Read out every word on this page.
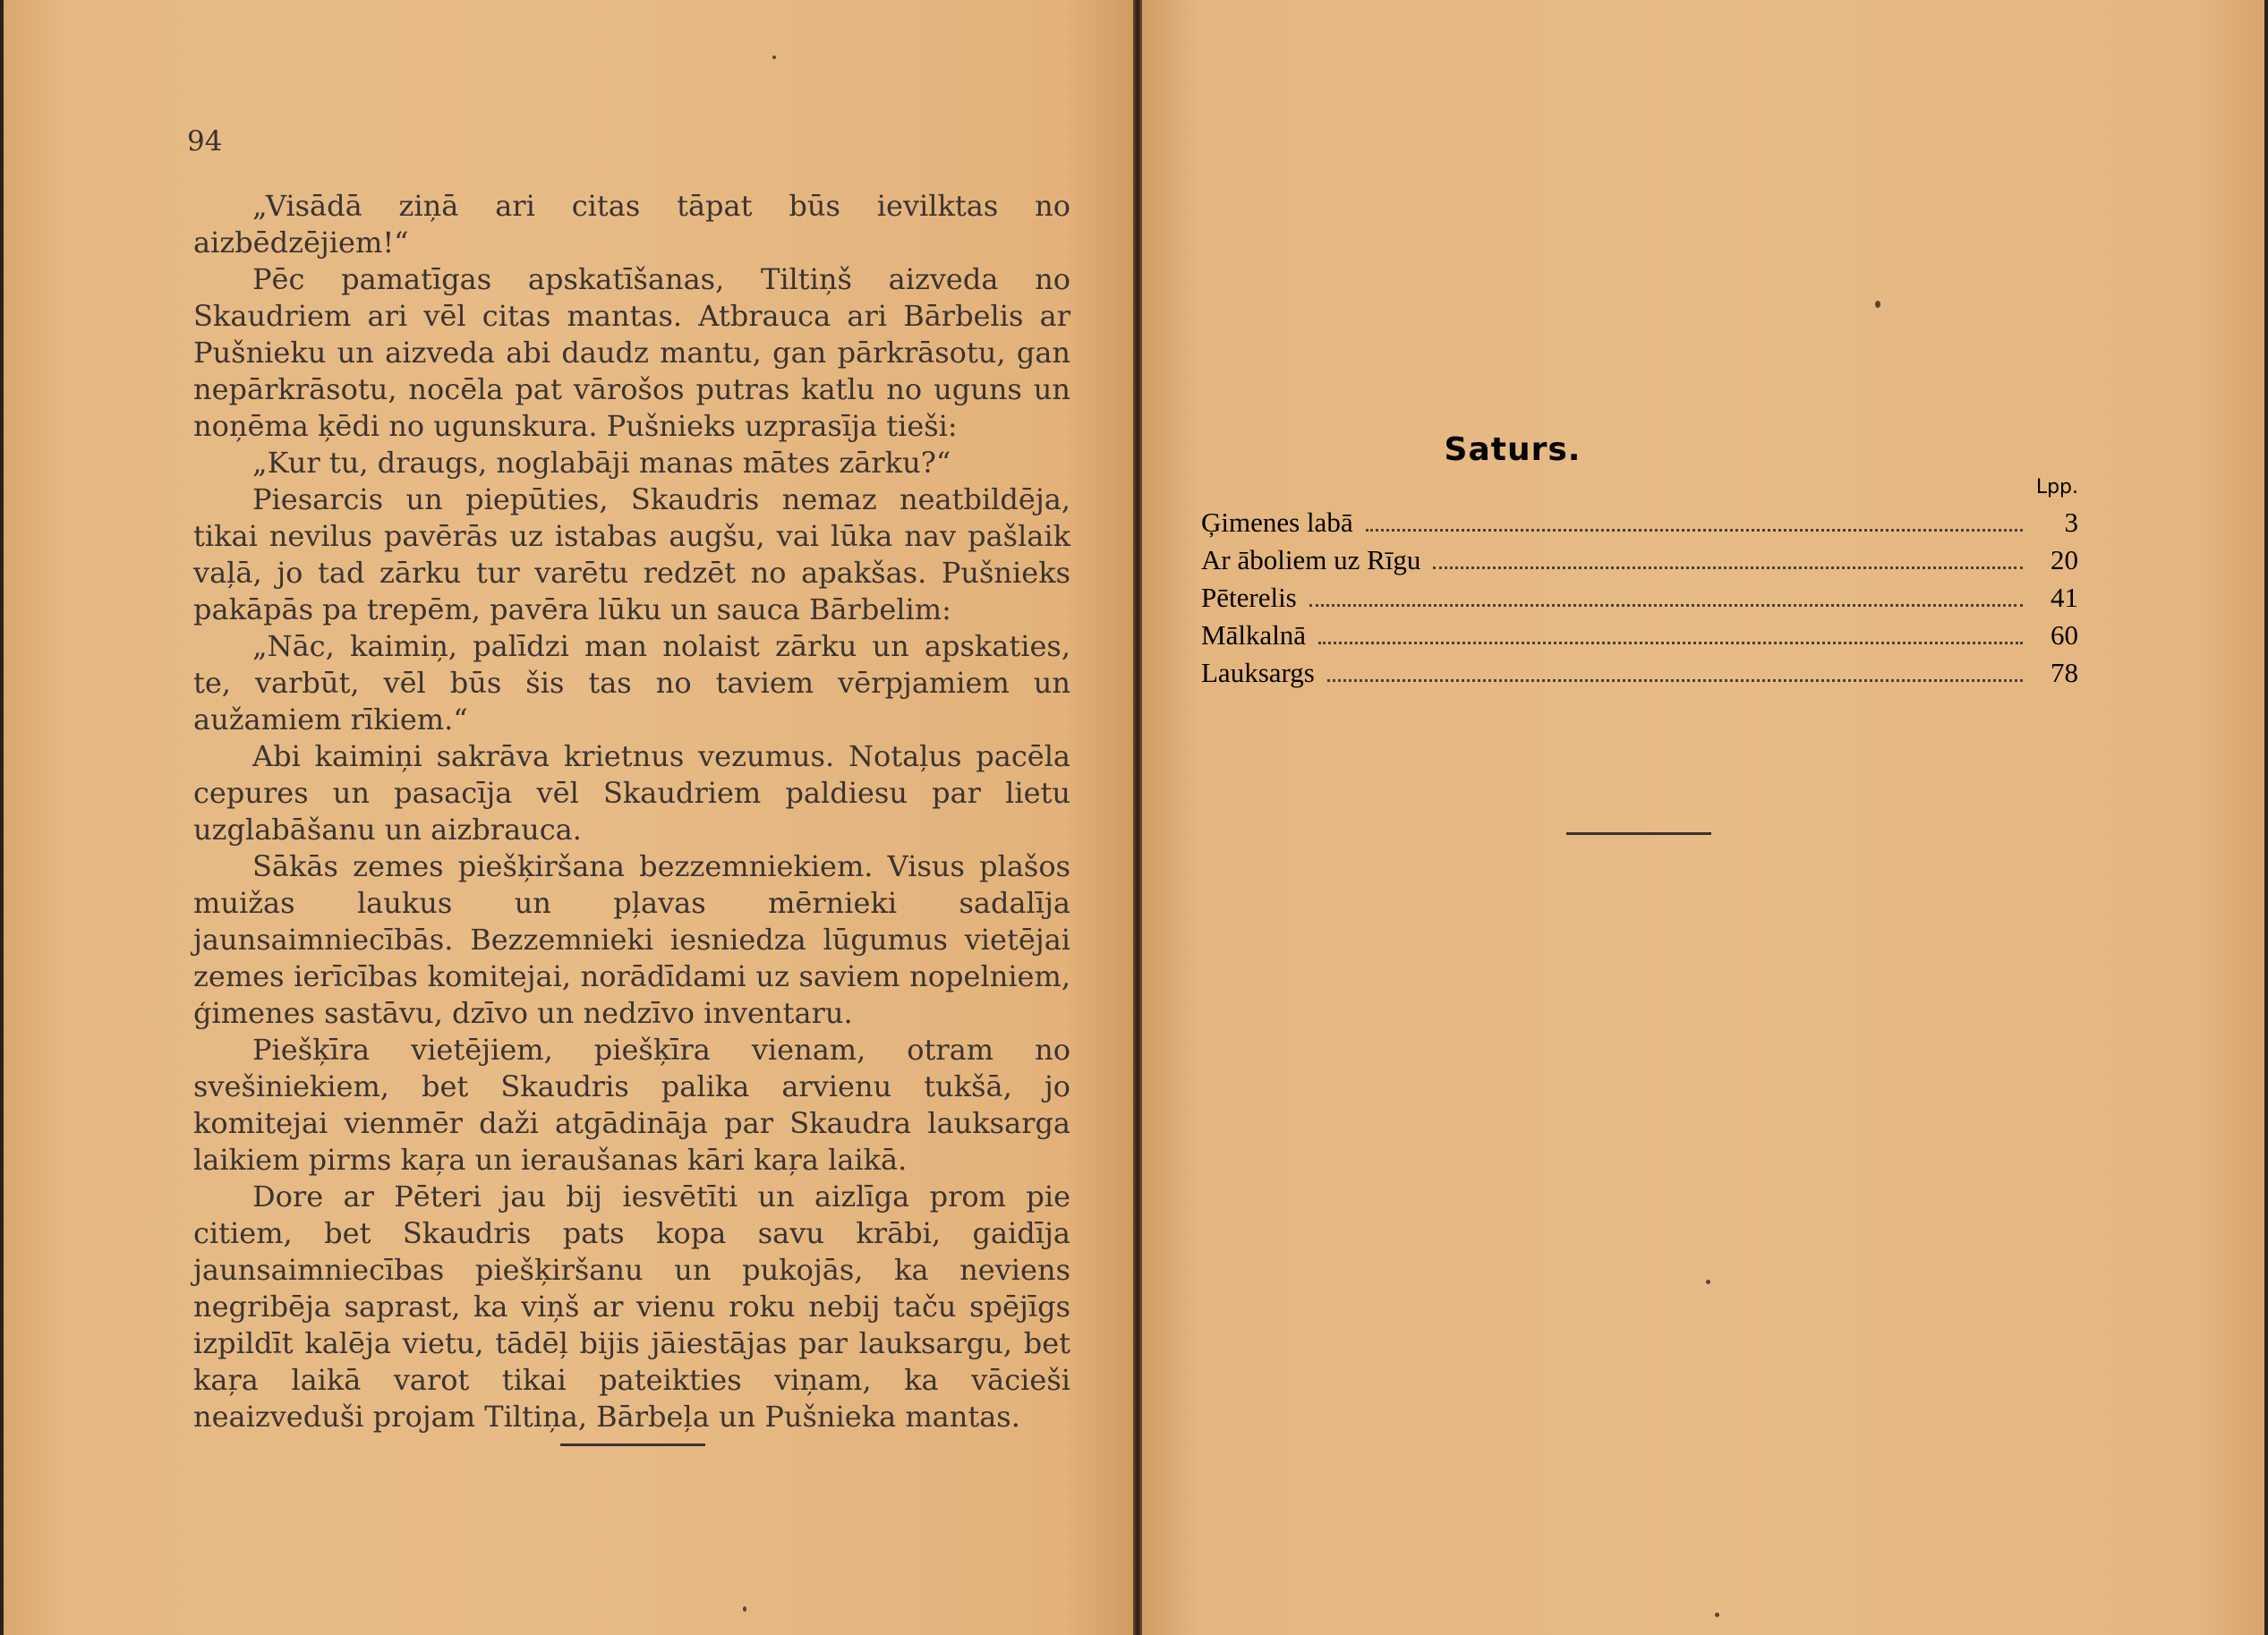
94

„Visādā ziņā ari citas tāpat būs ievilktas no aizbēdzējiem!“

Pēc pamatīgas apskatīšanas, Tiltiņš aizveda no Skaudriem ari vēl citas mantas. Atbrauca ari Bārbelis ar Pušnieku un aizveda abi daudz mantu, gan pārkrāsotu, gan nepārkrāsotu, nocēla pat vārošos putras katlu no uguns un noņēma ķēdi no ugunskura. Pušnieks uzprasīja tieši:

„Kur tu, draugs, noglabāji manas mātes zārku?“

Piesarcis un piepūties, Skaudris nemaz neatbildēja, tikai nevilus pavērās uz istabas augšu, vai lūka nav pašlaik vaļā, jo tad zārku tur varētu redzēt no apakšas. Pušnieks pakāpās pa trepēm, pavēra lūku un sauca Bārbelim:

„Nāc, kaimiņ, palīdzi man nolaist zārku un apskaties, te, varbūt, vēl būs šis tas no taviem vērpjamiem un aužamiem rīkiem.“

Abi kaimiņi sakrāva krietnus vezumus. Notaļus pacēla cepures un pasacīja vēl Skaudriem paldiesu par lietu uzglabāšanu un aizbrauca.

Sākās zemes piešķiršana bezzemniekiem. Visus plašos muižas laukus un pļavas mērnieki sadalīja jaunsaimniecībās. Bezzemnieki iesniedza lūgumus vietējai zemes ierīcības komitejai, norādīdami uz saviem nopelniem, ģimenes sastāvu, dzīvo un nedzīvo inventaru.

Piešķīra vietējiem, piešķīra vienam, otram no svešiniekiem, bet Skaudris palika arvienu tukšā, jo komitejai vienmēr daži atgādināja par Skaudra lauksarga laikiem pirms kaŗa un ieraušanas kāri kaŗa laikā.

Dore ar Pēteri jau bij iesvētīti un aizlīga prom pie citiem, bet Skaudris pats kopa savu krābi, gaidīja jaunsaimniecības piešķiršanu un pukojās, ka neviens negribēja saprast, ka viņš ar vienu roku nebij taču spējīgs izpildīt kalēja vietu, tādēļ bijis jāiestājas par lauksargu, bet kaŗa laikā varot tikai pateikties viņam, ka vācieši neaizveduši projam Tiltiņa, Bārbeļa un Pušnieka mantas.

Saturs.
Lpp.
Ģimenes labā	3
Ar āboliem uz Rīgu	20
Pēterelis	41
Mālkalnā	60
Lauksargs	78
